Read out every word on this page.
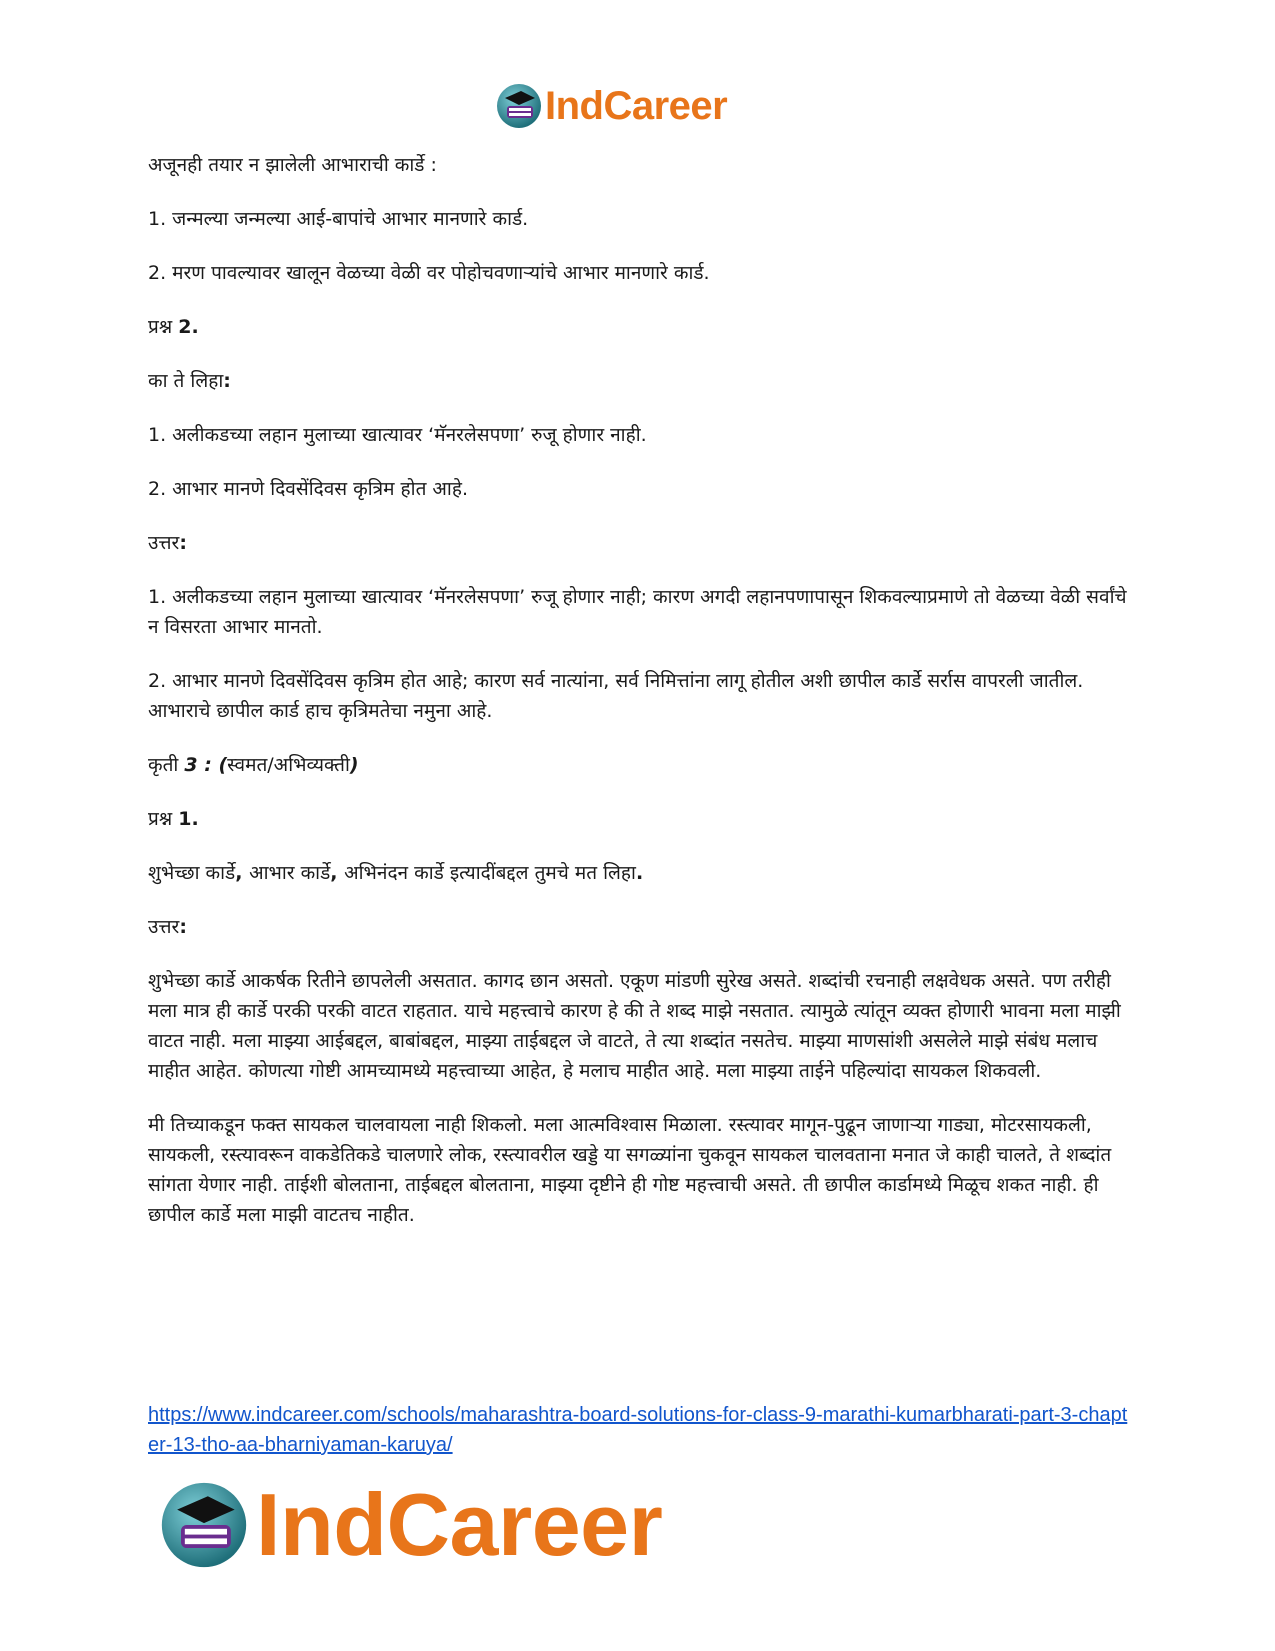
IndCareer

अजूनही तयार न झालेली आभाराची कार्डे :

1. जन्मल्या जन्मल्या आई-बापांचे आभार मानणारे कार्ड.

2. मरण पावल्यावर खालून वेळच्या वेळी वर पोहोचवणाऱ्यांचे आभार मानणारे कार्ड.

प्रश्न 2.

का ते लिहा:

1. अलीकडच्या लहान मुलाच्या खात्यावर ‘मॅनरलेसपणा’ रुजू होणार नाही.

2. आभार मानणे दिवसेंदिवस कृत्रिम होत आहे.

उत्तर:

1. अलीकडच्या लहान मुलाच्या खात्यावर ‘मॅनरलेसपणा’ रुजू होणार नाही; कारण अगदी लहानपणापासून शिकवल्याप्रमाणे तो वेळच्या वेळी सर्वांचे न विसरता आभार मानतो.

2. आभार मानणे दिवसेंदिवस कृत्रिम होत आहे; कारण सर्व नात्यांना, सर्व निमित्तांना लागू होतील अशी छापील कार्डे सर्रास वापरली जातील. आभाराचे छापील कार्ड हाच कृत्रिमतेचा नमुना आहे.

कृती 3 : (स्वमत/अभिव्यक्ती)

प्रश्न 1.

शुभेच्छा कार्डे, आभार कार्डे, अभिनंदन कार्डे इत्यादींबद्दल तुमचे मत लिहा.

उत्तर:

शुभेच्छा कार्डे आकर्षक रितीने छापलेली असतात. कागद छान असतो. एकूण मांडणी सुरेख असते. शब्दांची रचनाही लक्षवेधक असते. पण तरीही मला मात्र ही कार्डे परकी परकी वाटत राहतात. याचे महत्त्वाचे कारण हे की ते शब्द माझे नसतात. त्यामुळे त्यांतून व्यक्त होणारी भावना मला माझी वाटत नाही. मला माझ्या आईबद्दल, बाबांबद्दल, माझ्या ताईबद्दल जे वाटते, ते त्या शब्दांत नसतेच. माझ्या माणसांशी असलेले माझे संबंध मलाच माहीत आहेत. कोणत्या गोष्टी आमच्यामध्ये महत्त्वाच्या आहेत, हे मलाच माहीत आहे. मला माझ्या ताईने पहिल्यांदा सायकल शिकवली.

मी तिच्याकडून फक्त सायकल चालवायला नाही शिकलो. मला आत्मविश्वास मिळाला. रस्त्यावर मागून-पुढून जाणाऱ्या गाड्या, मोटरसायकली, सायकली, रस्त्यावरून वाकडेतिकडे चालणारे लोक, रस्त्यावरील खड्डे या सगळ्यांना चुकवून सायकल चालवताना मनात जे काही चालते, ते शब्दांत सांगता येणार नाही. ताईशी बोलताना, ताईबद्दल बोलताना, माझ्या दृष्टीने ही गोष्ट महत्त्वाची असते. ती छापील कार्डामध्ये मिळूच शकत नाही. ही छापील कार्डे मला माझी वाटतच नाहीत.

https://www.indcareer.com/schools/maharashtra-board-solutions-for-class-9-marathi-kumarbharati-part-3-chapter-13-tho-aa-bharniyaman-karuya/
IndCareer
